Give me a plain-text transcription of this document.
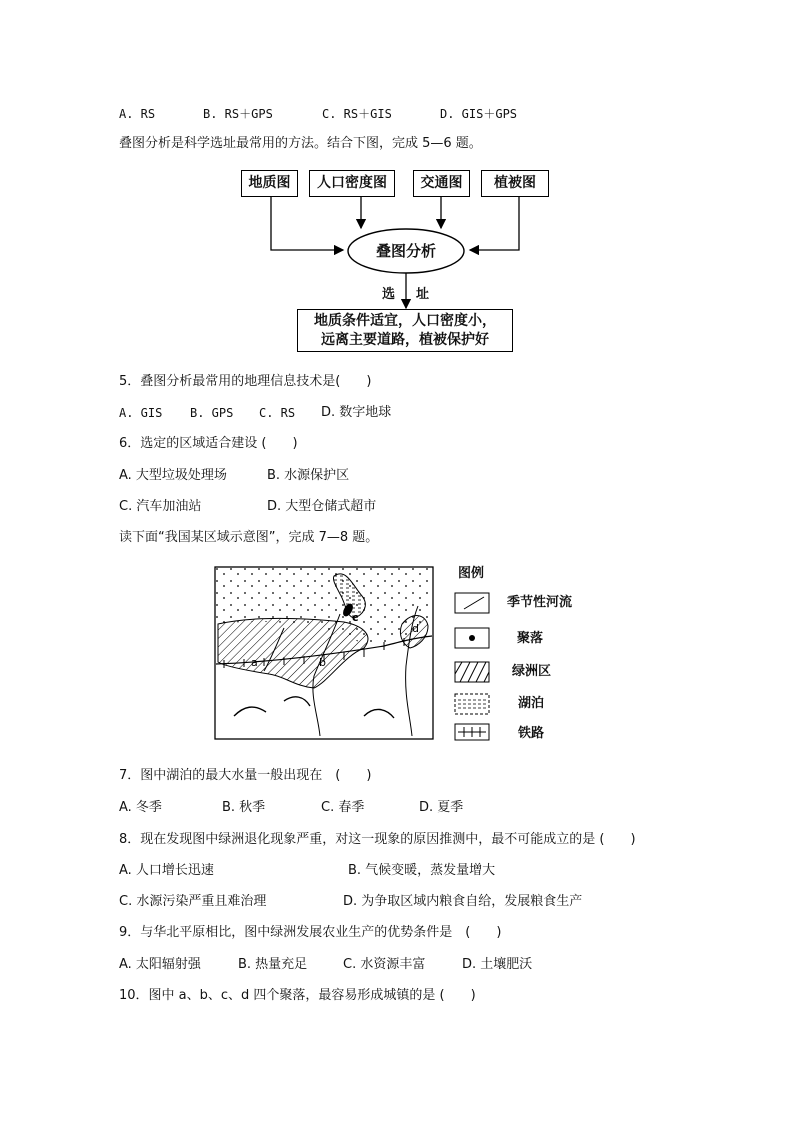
A. RS	B. RS＋GPS	C. RS＋GIS	D. GIS＋GPS
叠图分析是科学选址最常用的方法。结合下图，完成 5—6 题。
地质图	人口密度图	交通图	植被图
叠图分析
选 址
地质条件适宜，人口密度小，
远离主要道路，植被保护好
5．叠图分析最常用的地理信息技术是(　　)
A. GIS B. GPS C. RS D. 数字地球
6．选定的区域适合建设 (　　)
A. 大型垃圾处理场	B. 水源保护区
C. 汽车加油站	D. 大型仓储式超市
读下面“我国某区域示意图”，完成 7—8 题。
a	b
c
d
图例
季节性河流
聚落
绿洲区
湖泊
铁路
7．图中湖泊的最大水量一般出现在　(　　)
A. 冬季	B. 秋季	C. 春季	D. 夏季
8．现在发现图中绿洲退化现象严重，对这一现象的原因推测中，最不可能成立的是 (　　)
A. 人口增长迅速	B. 气候变暖，蒸发量增大
C. 水源污染严重且难治理	D. 为争取区域内粮食自给，发展粮食生产
9．与华北平原相比，图中绿洲发展农业生产的优势条件是　(　　)
A. 太阳辐射强	B. 热量充足	C. 水资源丰富	D. 土壤肥沃
10．图中 a、b、c、d 四个聚落，最容易形成城镇的是 (　　)
